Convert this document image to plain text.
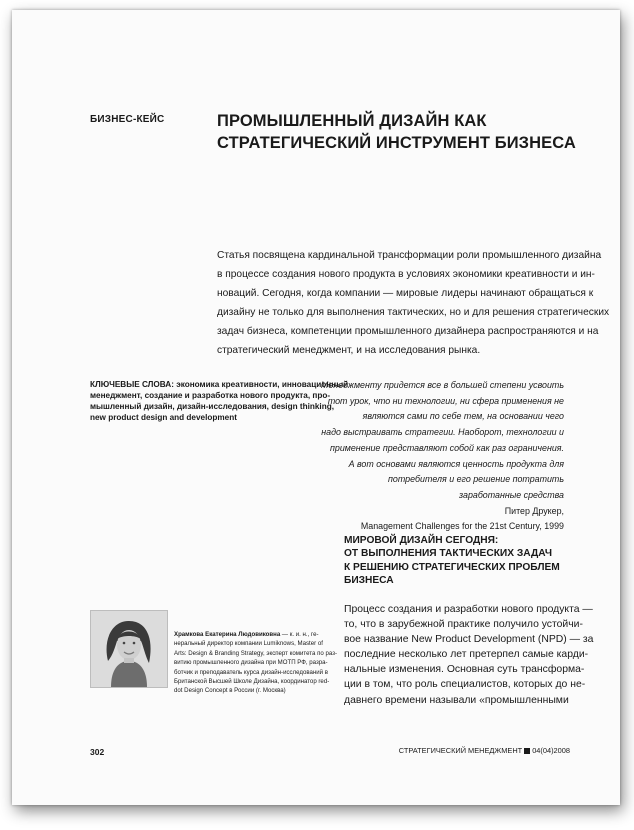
БИЗНЕС-КЕЙС	ПРОМЫШЛЕННЫЙ ДИЗАЙН КАК
СТРАТЕГИЧЕСКИЙ ИНСТРУМЕНТ БИЗНЕСА
Статья посвящена кардинальной трансформации роли промышленного дизайна
в процессе создания нового продукта в условиях экономики креативности и ин-
новаций. Сегодня, когда компании — мировые лидеры начинают обращаться к
дизайну не только для выполнения тактических, но и для решения стратегических
задач бизнеса, компетенции промышленного дизайнера распространяются и на
стратегический менеджмент, и на исследования рынка.
КЛЮЧЕВЫЕ СЛОВА: экономика креативности, инновационный
менеджмент, создание и разработка нового продукта, про-
мышленный дизайн, дизайн-исследования, design thinking,
new product design and development
Менеджменту придется все в большей степени усвоить
тот урок, что ни технологии, ни сфера применения не
являются сами по себе тем, на основании чего
надо выстраивать стратегии. Наоборот, технологии и
применение представляют собой как раз ограничения.
А вот основами являются ценность продукта для
потребителя и его решение потратить
заработанные средства
Питер Друкер,
Management Challenges for the 21st Century, 1999
МИРОВОЙ ДИЗАЙН СЕГОДНЯ:
ОТ ВЫПОЛНЕНИЯ ТАКТИЧЕСКИХ ЗАДАЧ
К РЕШЕНИЮ СТРАТЕГИЧЕСКИХ ПРОБЛЕМ
БИЗНЕСА
Процесс создания и разработки нового продукта —
то, что в зарубежной практике получило устойчи-
вое название New Product Development (NPD) — за
последние несколько лет претерпел самые карди-
нальные изменения. Основная суть трансформа-
ции в том, что роль специалистов, которых до не-
давнего времени называли «промышленными
Храмкова Екатерина Людовиковна — к. и. н., ге-
неральный директор компании Lumiknows, Master of
Arts: Design & Branding Strategy, эксперт комитета по раз-
витию промышленного дизайна при МОТП РФ, разра-
ботчик и преподаватель курса дизайн-исследований в
Британской Высшей Школе Дизайна, координатор red-
dot Design Concept в России (г. Москва)
302	СТРАТЕГИЧЕСКИЙ МЕНЕДЖМЕНТ 04(04)2008
